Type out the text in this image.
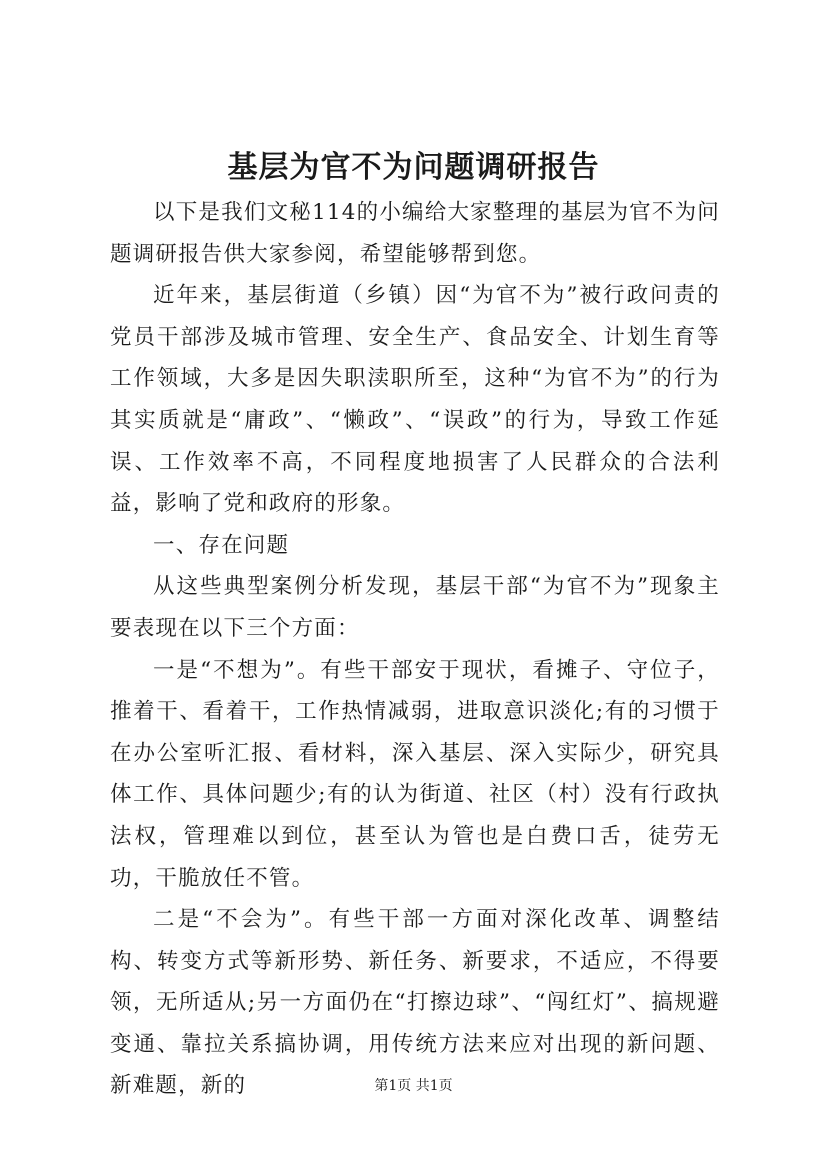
基层为官不为问题调研报告

以下是我们文秘114的小编给大家整理的基层为官不为问题调研报告供大家参阅，希望能够帮到您。

近年来，基层街道（乡镇）因“为官不为”被行政问责的党员干部涉及城市管理、安全生产、食品安全、计划生育等工作领域，大多是因失职渎职所至，这种“为官不为”的行为其实质就是“庸政”、“懒政”、“误政”的行为，导致工作延误、工作效率不高，不同程度地损害了人民群众的合法利益，影响了党和政府的形象。

一、存在问题

从这些典型案例分析发现，基层干部“为官不为”现象主要表现在以下三个方面：

一是“不想为”。有些干部安于现状，看摊子、守位子，推着干、看着干，工作热情减弱，进取意识淡化;有的习惯于在办公室听汇报、看材料，深入基层、深入实际少，研究具体工作、具体问题少;有的认为街道、社区（村）没有行政执法权，管理难以到位，甚至认为管也是白费口舌，徒劳无功，干脆放任不管。

二是“不会为”。有些干部一方面对深化改革、调整结构、转变方式等新形势、新任务、新要求，不适应，不得要领，无所适从;另一方面仍在“打擦边球”、“闯红灯”、搞规避变通、靠拉关系搞协调，用传统方法来应对出现的新问题、新难题，新的	第1页 共1页
